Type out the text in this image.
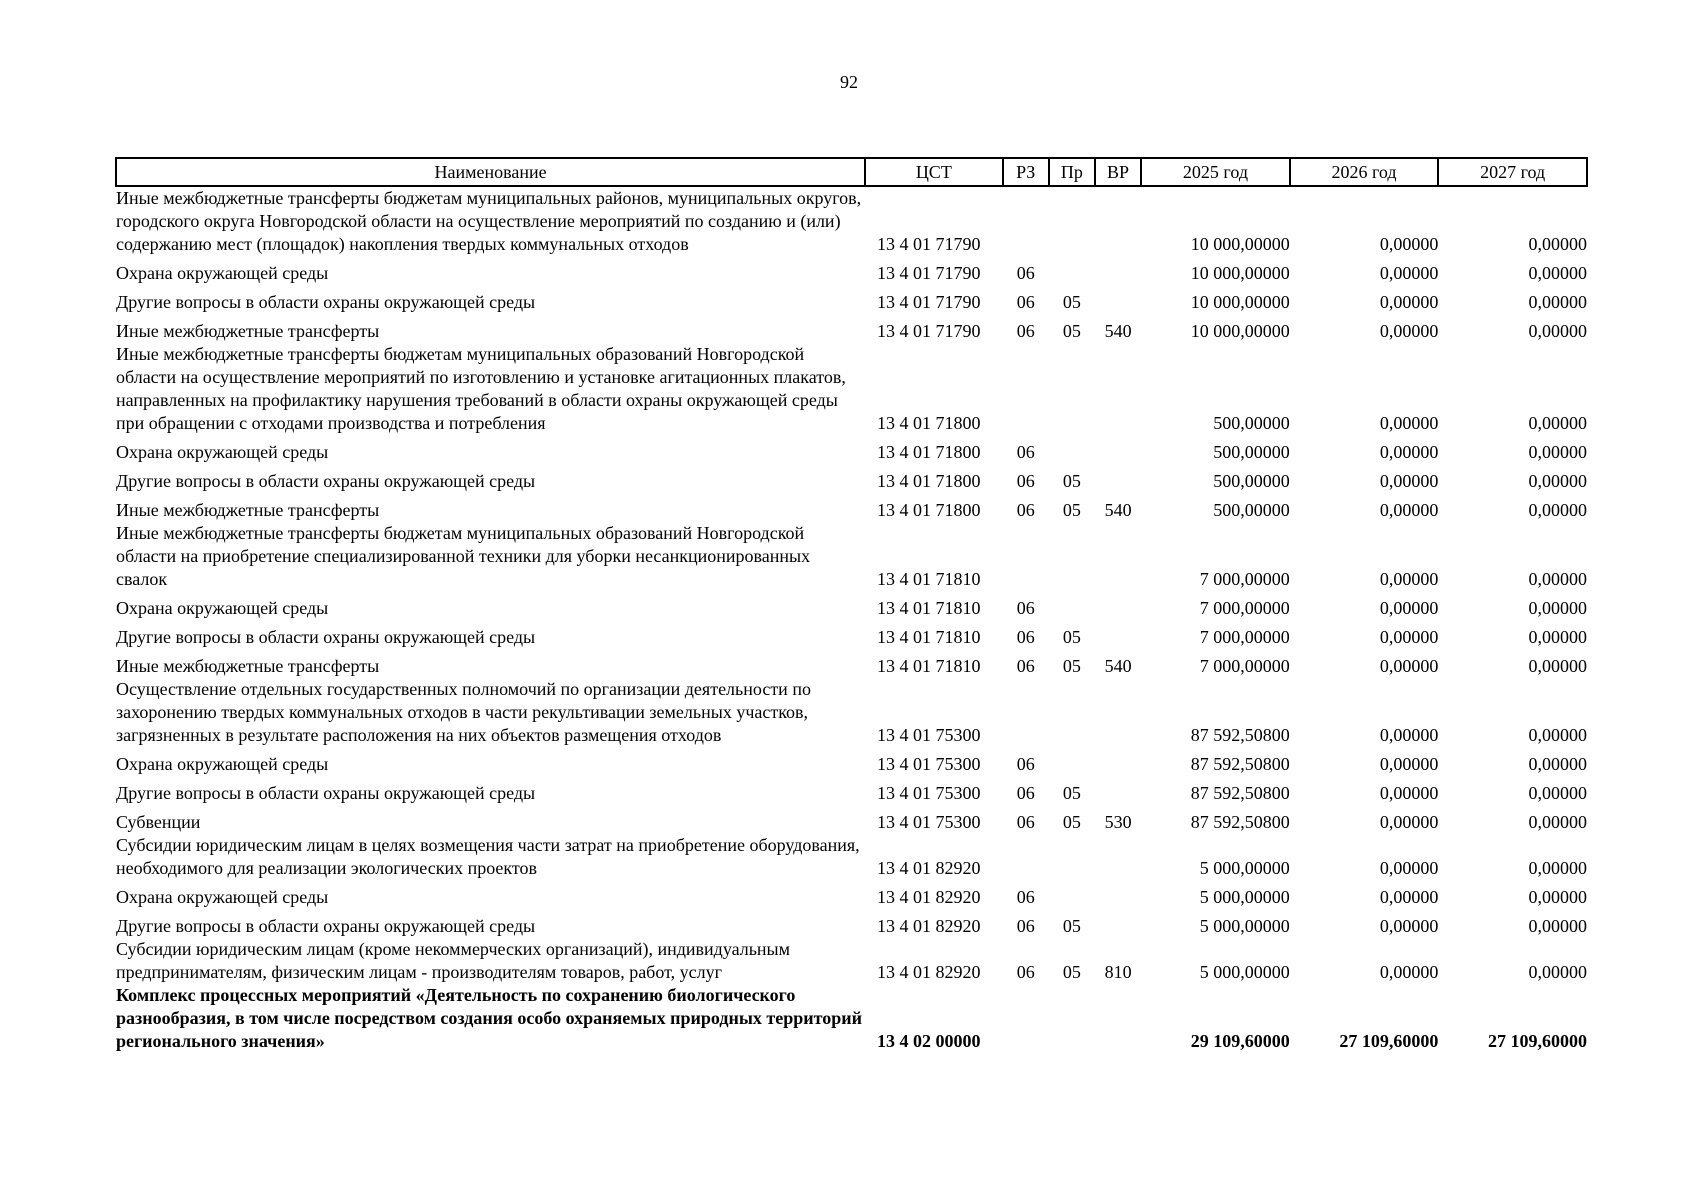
92
Наименование	ЦСТ	РЗ	Пр	ВР	2025 год	2026 год	2027 год
Иные межбюджетные трансферты бюджетам муниципальных районов, муниципальных округов, городского округа Новгородской области на осуществление мероприятий по созданию и (или) содержанию мест (площадок) накопления твердых коммунальных отходов	13 4 01 71790				10 000,00000	0,00000	0,00000
Охрана окружающей среды	13 4 01 71790	06			10 000,00000	0,00000	0,00000
Другие вопросы в области охраны окружающей среды	13 4 01 71790	06	05		10 000,00000	0,00000	0,00000
Иные межбюджетные трансферты	13 4 01 71790	06	05	540	10 000,00000	0,00000	0,00000
Иные межбюджетные трансферты бюджетам муниципальных образований Новгородской области на осуществление мероприятий по изготовлению и установке агитационных плакатов, направленных на профилактику нарушения требований в области охраны окружающей среды при обращении с отходами производства и потребления	13 4 01 71800				500,00000	0,00000	0,00000
Охрана окружающей среды	13 4 01 71800	06			500,00000	0,00000	0,00000
Другие вопросы в области охраны окружающей среды	13 4 01 71800	06	05		500,00000	0,00000	0,00000
Иные межбюджетные трансферты	13 4 01 71800	06	05	540	500,00000	0,00000	0,00000
Иные межбюджетные трансферты бюджетам муниципальных образований Новгородской области на приобретение специализированной техники для уборки несанкционированных свалок	13 4 01 71810				7 000,00000	0,00000	0,00000
Охрана окружающей среды	13 4 01 71810	06			7 000,00000	0,00000	0,00000
Другие вопросы в области охраны окружающей среды	13 4 01 71810	06	05		7 000,00000	0,00000	0,00000
Иные межбюджетные трансферты	13 4 01 71810	06	05	540	7 000,00000	0,00000	0,00000
Осуществление отдельных государственных полномочий по организации деятельности по захоронению твердых коммунальных отходов в части рекультивации земельных участков, загрязненных в результате расположения на них объектов размещения отходов	13 4 01 75300				87 592,50800	0,00000	0,00000
Охрана окружающей среды	13 4 01 75300	06			87 592,50800	0,00000	0,00000
Другие вопросы в области охраны окружающей среды	13 4 01 75300	06	05		87 592,50800	0,00000	0,00000
Субвенции	13 4 01 75300	06	05	530	87 592,50800	0,00000	0,00000
Субсидии юридическим лицам в целях возмещения части затрат на приобретение оборудования, необходимого для реализации экологических проектов	13 4 01 82920				5 000,00000	0,00000	0,00000
Охрана окружающей среды	13 4 01 82920	06			5 000,00000	0,00000	0,00000
Другие вопросы в области охраны окружающей среды	13 4 01 82920	06	05		5 000,00000	0,00000	0,00000
Субсидии юридическим лицам (кроме некоммерческих организаций), индивидуальным предпринимателям, физическим лицам - производителям товаров, работ, услуг	13 4 01 82920	06	05	810	5 000,00000	0,00000	0,00000
Комплекс процессных мероприятий «Деятельность по сохранению биологического разнообразия, в том числе посредством создания особо охраняемых природных территорий регионального значения»	13 4 02 00000				29 109,60000	27 109,60000	27 109,60000
